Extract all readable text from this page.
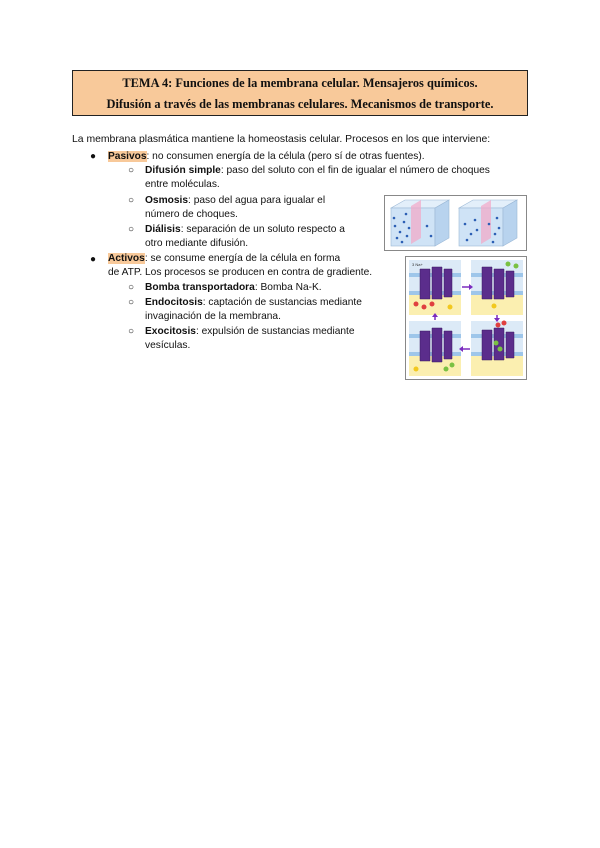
TEMA 4: Funciones de la membrana celular. Mensajeros químicos.
Difusión a través de las membranas celulares. Mecanismos de transporte.
La membrana plasmática mantiene la homeostasis celular. Procesos en los que interviene:
● Pasivos: no consumen energía de la célula (pero sí de otras fuentes).
○ Difusión simple: paso del soluto con el fin de igualar el número de choques
entre moléculas.
○ Osmosis: paso del agua para igualar el
número de choques.
○ Diálisis: separación de un soluto respecto a
otro mediante difusión.
● Activos: se consume energía de la célula en forma
de ATP. Los procesos se producen en contra de gradiente.
○ Bomba transportadora: Bomba Na-K.
○ Endocitosis: captación de sustancias mediante
invaginación de la membrana.
○ Exocitosis: expulsión de sustancias mediante
vesículas.
3 Na+
